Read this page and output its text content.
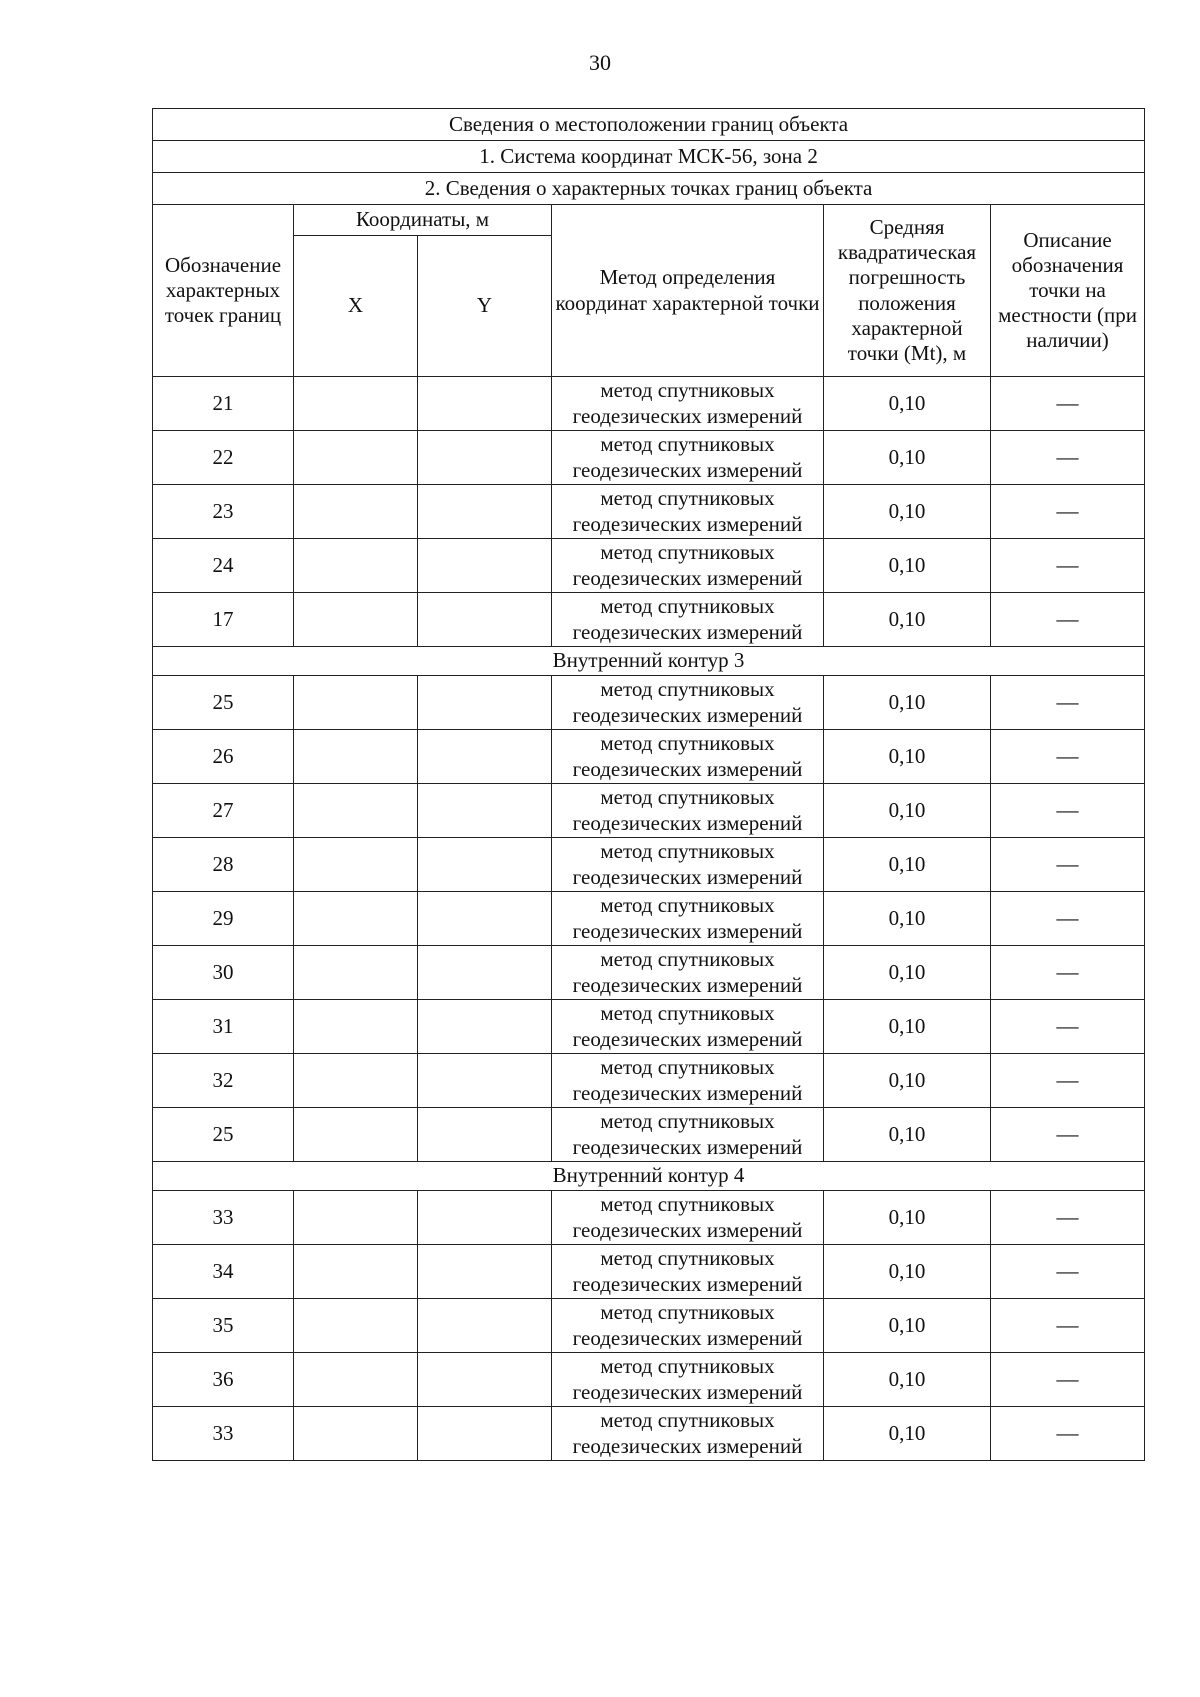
30
Сведения о местоположении границ объекта					
1. Система координат МСК-56, зона 2					
2. Сведения о характерных точках границ объекта					
Обозначение характерных точек границ	Координаты, м		Метод определения координат характерной точки	Средняя квадратическая погрешность положения характерной точки (Mt), м	Описание обозначения точки на местности (при наличии)
	X	Y			
21			метод спутниковых
геодезических измерений	0,10	—
22			метод спутниковых
геодезических измерений	0,10	—
23			метод спутниковых
геодезических измерений	0,10	—
24			метод спутниковых
геодезических измерений	0,10	—
17			метод спутниковых
геодезических измерений	0,10	—
Внутренний контур 3					
25			метод спутниковых
геодезических измерений	0,10	—
26			метод спутниковых
геодезических измерений	0,10	—
27			метод спутниковых
геодезических измерений	0,10	—
28			метод спутниковых
геодезических измерений	0,10	—
29			метод спутниковых
геодезических измерений	0,10	—
30			метод спутниковых
геодезических измерений	0,10	—
31			метод спутниковых
геодезических измерений	0,10	—
32			метод спутниковых
геодезических измерений	0,10	—
25			метод спутниковых
геодезических измерений	0,10	—
Внутренний контур 4					
33			метод спутниковых
геодезических измерений	0,10	—
34			метод спутниковых
геодезических измерений	0,10	—
35			метод спутниковых
геодезических измерений	0,10	—
36			метод спутниковых
геодезических измерений	0,10	—
33			метод спутниковых
геодезических измерений	0,10	—
